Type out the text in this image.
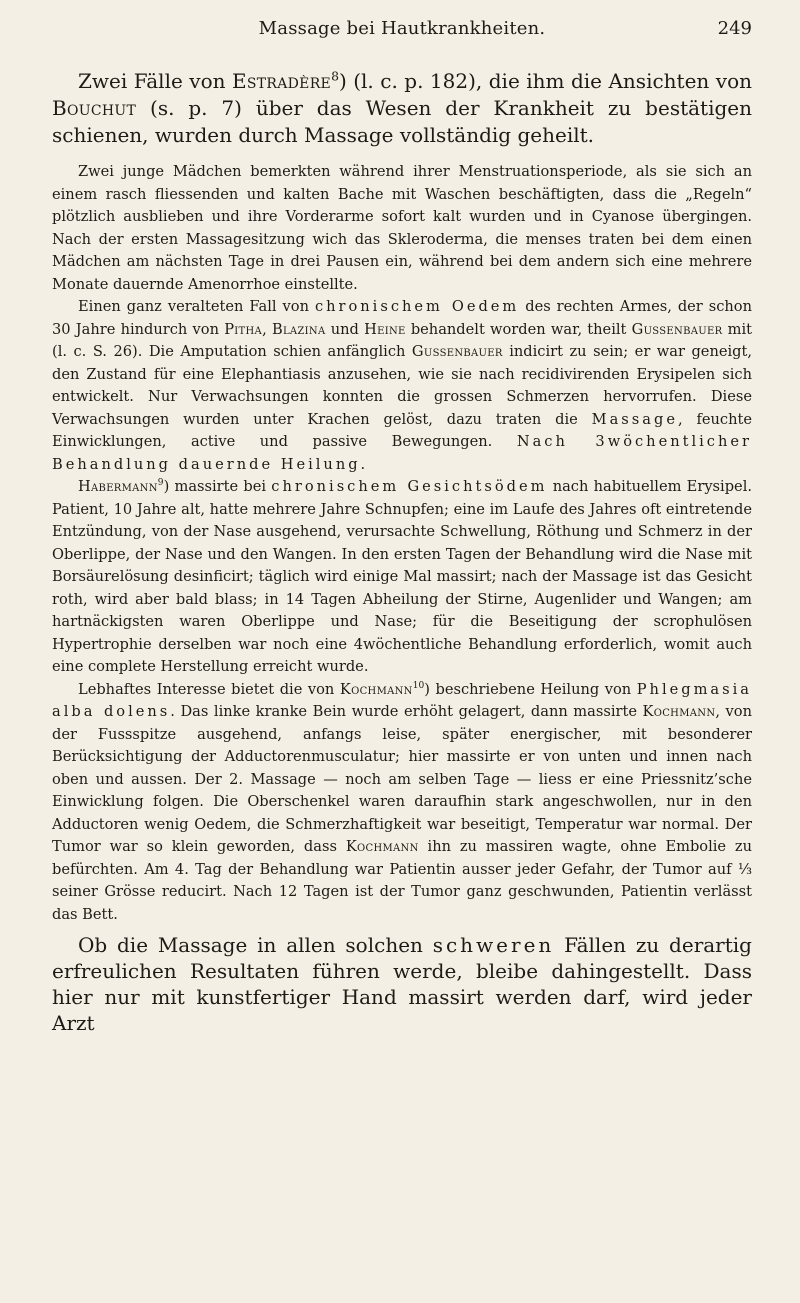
Massage bei Hautkrankheiten.	249

Zwei Fälle von Estradère$^8$) (l. c. p. 182), die ihm die Ansichten von Bouchut (s. p. 7) über das Wesen der Krankheit zu bestätigen schienen, wurden durch Massage vollständig geheilt.

Zwei junge Mädchen bemerkten während ihrer Menstruationsperiode, als sie sich an einem rasch fliessenden und kalten Bache mit Waschen beschäftigten, dass die „Regeln“ plötzlich ausblieben und ihre Vorderarme sofort kalt wurden und in Cyanose übergingen. Nach der ersten Massagesitzung wich das Skleroderma, die menses traten bei dem einen Mädchen am nächsten Tage in drei Pausen ein, während bei dem andern sich eine mehrere Monate dauernde Amenorrhoe einstellte.

Einen ganz veralteten Fall von chronischem Oedem des rechten Armes, der schon 30 Jahre hindurch von Pitha, Blazina und Heine behandelt worden war, theilt Gussenbauer mit (l. c. S. 26). Die Amputation schien anfänglich Gussenbauer indicirt zu sein; er war geneigt, den Zustand für eine Elephantiasis anzusehen, wie sie nach recidivirenden Erysipelen sich entwickelt. Nur Verwachsungen konnten die grossen Schmerzen hervorrufen. Diese Verwachsungen wurden unter Krachen gelöst, dazu traten die Massage, feuchte Einwicklungen, active und passive Bewegungen. Nach 3wöchentlicher Behandlung dauernde Heilung.

Habermann$^9$) massirte bei chronischem Gesichtsödem nach habituellem Erysipel. Patient, 10 Jahre alt, hatte mehrere Jahre Schnupfen; eine im Laufe des Jahres oft eintretende Entzündung, von der Nase ausgehend, verursachte Schwellung, Röthung und Schmerz in der Oberlippe, der Nase und den Wangen. In den ersten Tagen der Behandlung wird die Nase mit Borsäurelösung desinficirt; täglich wird einige Mal massirt; nach der Massage ist das Gesicht roth, wird aber bald blass; in 14 Tagen Abheilung der Stirne, Augenlider und Wangen; am hartnäckigsten waren Oberlippe und Nase; für die Beseitigung der scrophulösen Hypertrophie derselben war noch eine 4wöchentliche Behandlung erforderlich, womit auch eine complete Herstellung erreicht wurde.

Lebhaftes Interesse bietet die von Kochmann$^{10}$) beschriebene Heilung von Phlegmasia alba dolens. Das linke kranke Bein wurde erhöht gelagert, dann massirte Kochmann, von der Fussspitze ausgehend, anfangs leise, später energischer, mit besonderer Berücksichtigung der Adductorenmusculatur; hier massirte er von unten und innen nach oben und aussen. Der 2. Massage — noch am selben Tage — liess er eine Priessnitz’sche Einwicklung folgen. Die Oberschenkel waren daraufhin stark angeschwollen, nur in den Adductoren wenig Oedem, die Schmerzhaftigkeit war beseitigt, Temperatur war normal. Der Tumor war so klein geworden, dass Kochmann ihn zu massiren wagte, ohne Embolie zu befürchten. Am 4. Tag der Behandlung war Patientin ausser jeder Gefahr, der Tumor auf ⅓ seiner Grösse reducirt. Nach 12 Tagen ist der Tumor ganz geschwunden, Patientin verlässt das Bett.

Ob die Massage in allen solchen schweren Fällen zu derartig erfreulichen Resultaten führen werde, bleibe dahingestellt. Dass hier nur mit kunstfertiger Hand massirt werden darf, wird jeder Arzt
